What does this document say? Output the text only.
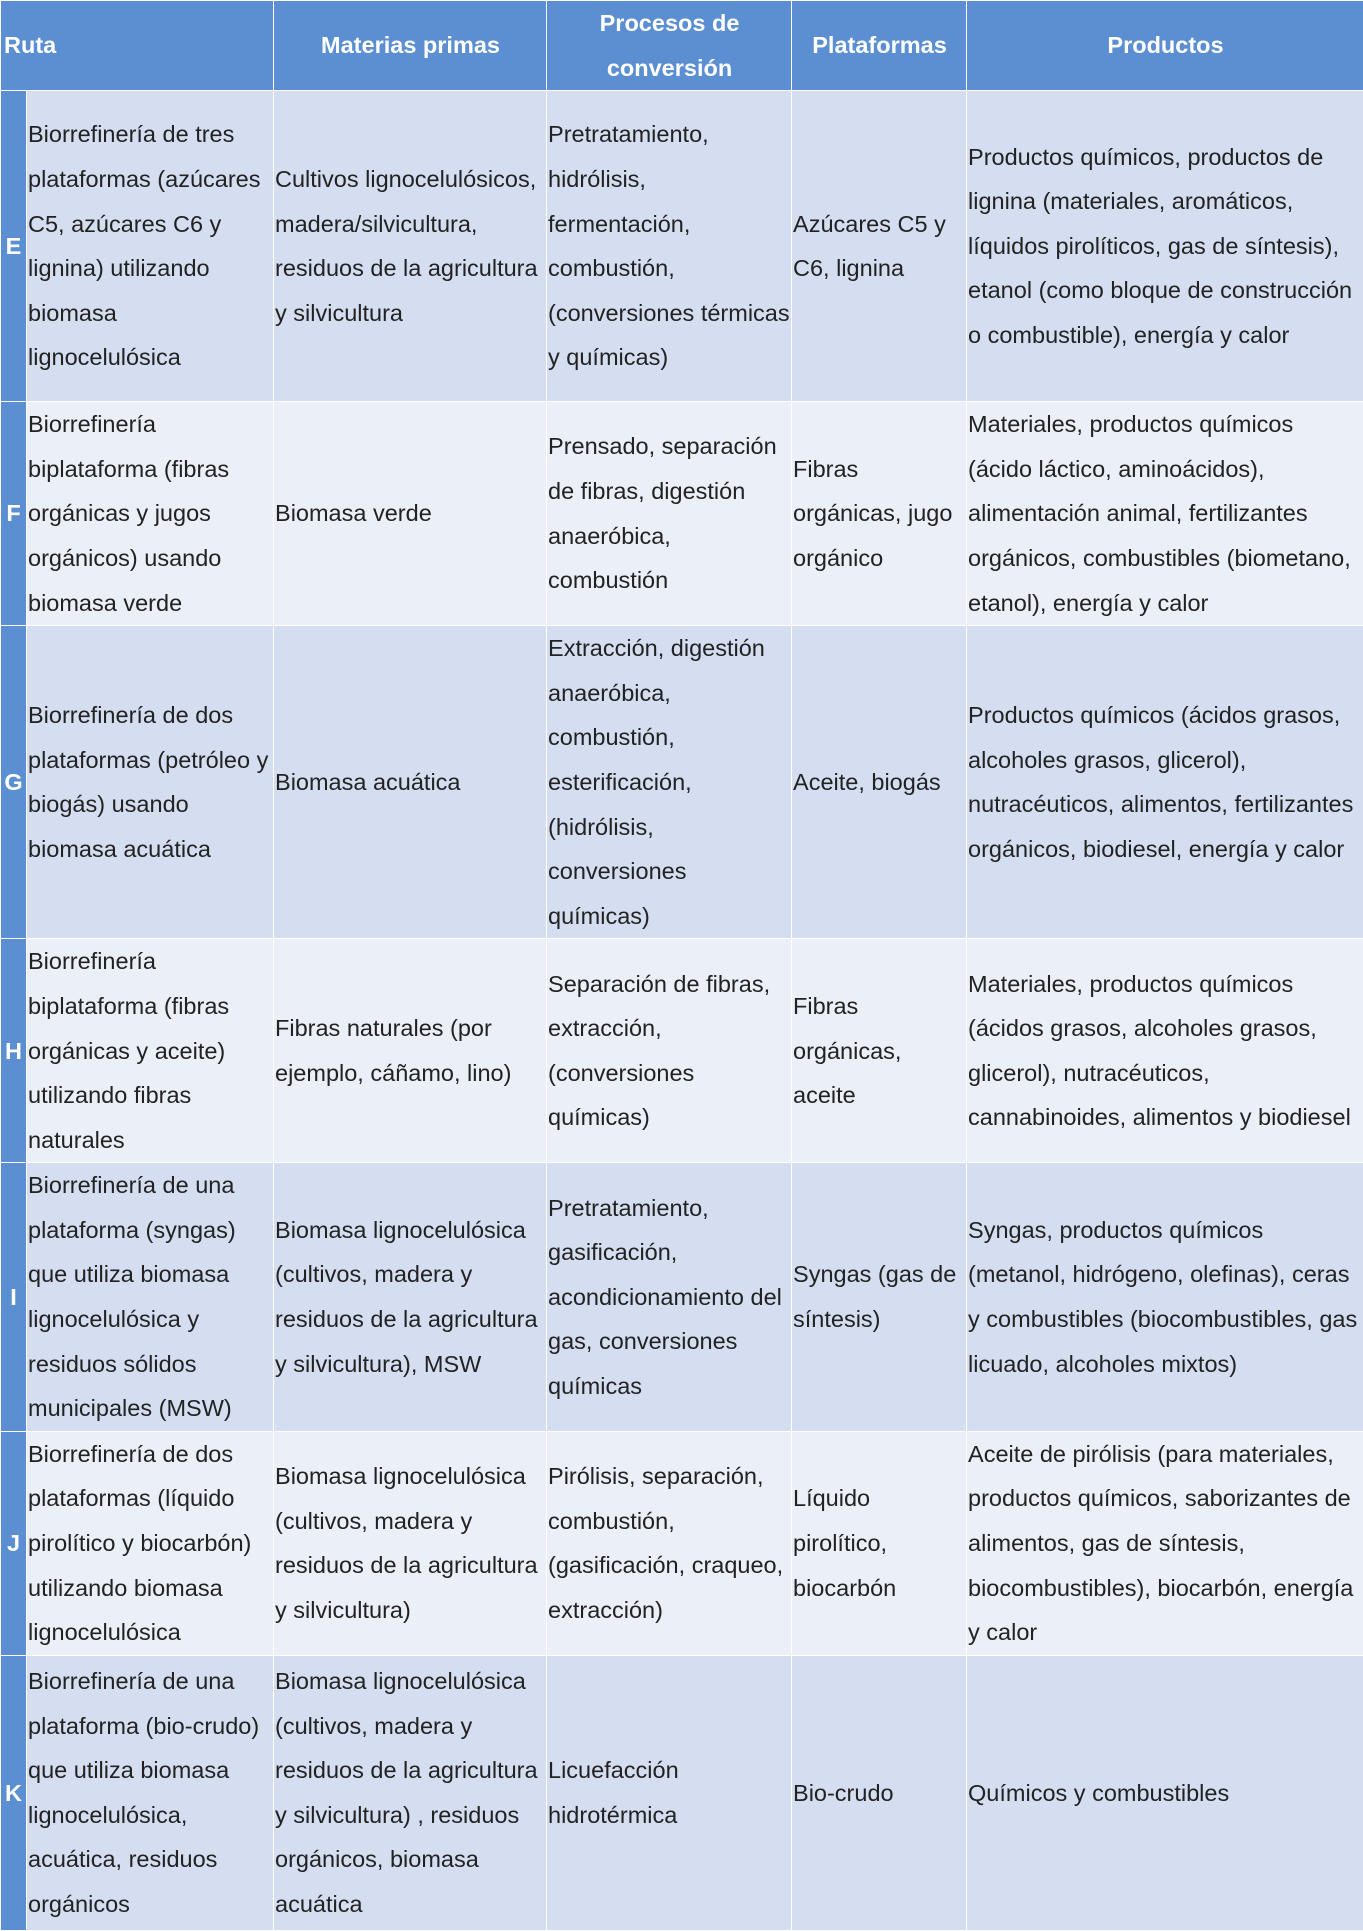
Ruta		Materias primas	Procesos de conversión	Plataformas	Productos
E	Biorrefinería de tres plataformas (azúcares C5, azúcares C6 y lignina) utilizando biomasa lignocelulósica	Cultivos lignocelulósicos, madera/silvicultura, residuos de la agricultura y silvicultura	Pretratamiento, hidrólisis, fermentación, combustión, (conversiones térmicas y químicas)	Azúcares C5 y C6, lignina	Productos químicos, productos de lignina (materiales, aromáticos, líquidos pirolíticos, gas de síntesis), etanol (como bloque de construcción o combustible), energía y calor
F	Biorrefinería biplataforma (fibras orgánicas y jugos orgánicos) usando biomasa verde	Biomasa verde	Prensado, separación de fibras, digestión anaeróbica, combustión	Fibras orgánicas, jugo orgánico	Materiales, productos químicos (ácido láctico, aminoácidos), alimentación animal, fertilizantes orgánicos, combustibles (biometano, etanol), energía y calor
G	Biorrefinería de dos plataformas (petróleo y biogás) usando biomasa acuática	Biomasa acuática	Extracción, digestión anaeróbica, combustión, esterificación, (hidrólisis, conversiones químicas)	Aceite, biogás	Productos químicos (ácidos grasos, alcoholes grasos, glicerol), nutracéuticos, alimentos, fertilizantes orgánicos, biodiesel, energía y calor
H	Biorrefinería biplataforma (fibras orgánicas y aceite) utilizando fibras naturales	Fibras naturales (por ejemplo, cáñamo, lino)	Separación de fibras, extracción, (conversiones químicas)	Fibras orgánicas, aceite	Materiales, productos químicos (ácidos grasos, alcoholes grasos, glicerol), nutracéuticos, cannabinoides, alimentos y biodiesel
I	Biorrefinería de una plataforma (syngas) que utiliza biomasa lignocelulósica y residuos sólidos municipales (MSW)	Biomasa lignocelulósica (cultivos, madera y residuos de la agricultura y silvicultura), MSW	Pretratamiento, gasificación, acondicionamiento del gas, conversiones químicas	Syngas (gas de síntesis)	Syngas, productos químicos (metanol, hidrógeno, olefinas), ceras y combustibles (biocombustibles, gas licuado, alcoholes mixtos)
J	Biorrefinería de dos plataformas (líquido pirolítico y biocarbón) utilizando biomasa lignocelulósica	Biomasa lignocelulósica (cultivos, madera y residuos de la agricultura y silvicultura)	Pirólisis, separación, combustión, (gasificación, craqueo, extracción)	Líquido pirolítico, biocarbón	Aceite de pirólisis (para materiales, productos químicos, saborizantes de alimentos, gas de síntesis, biocombustibles), biocarbón, energía y calor
K	Biorrefinería de una plataforma (bio-crudo) que utiliza biomasa lignocelulósica, acuática, residuos orgánicos	Biomasa lignocelulósica (cultivos, madera y residuos de la agricultura y silvicultura) , residuos orgánicos, biomasa acuática	Licuefacción hidrotérmica	Bio-crudo	Químicos y combustibles
